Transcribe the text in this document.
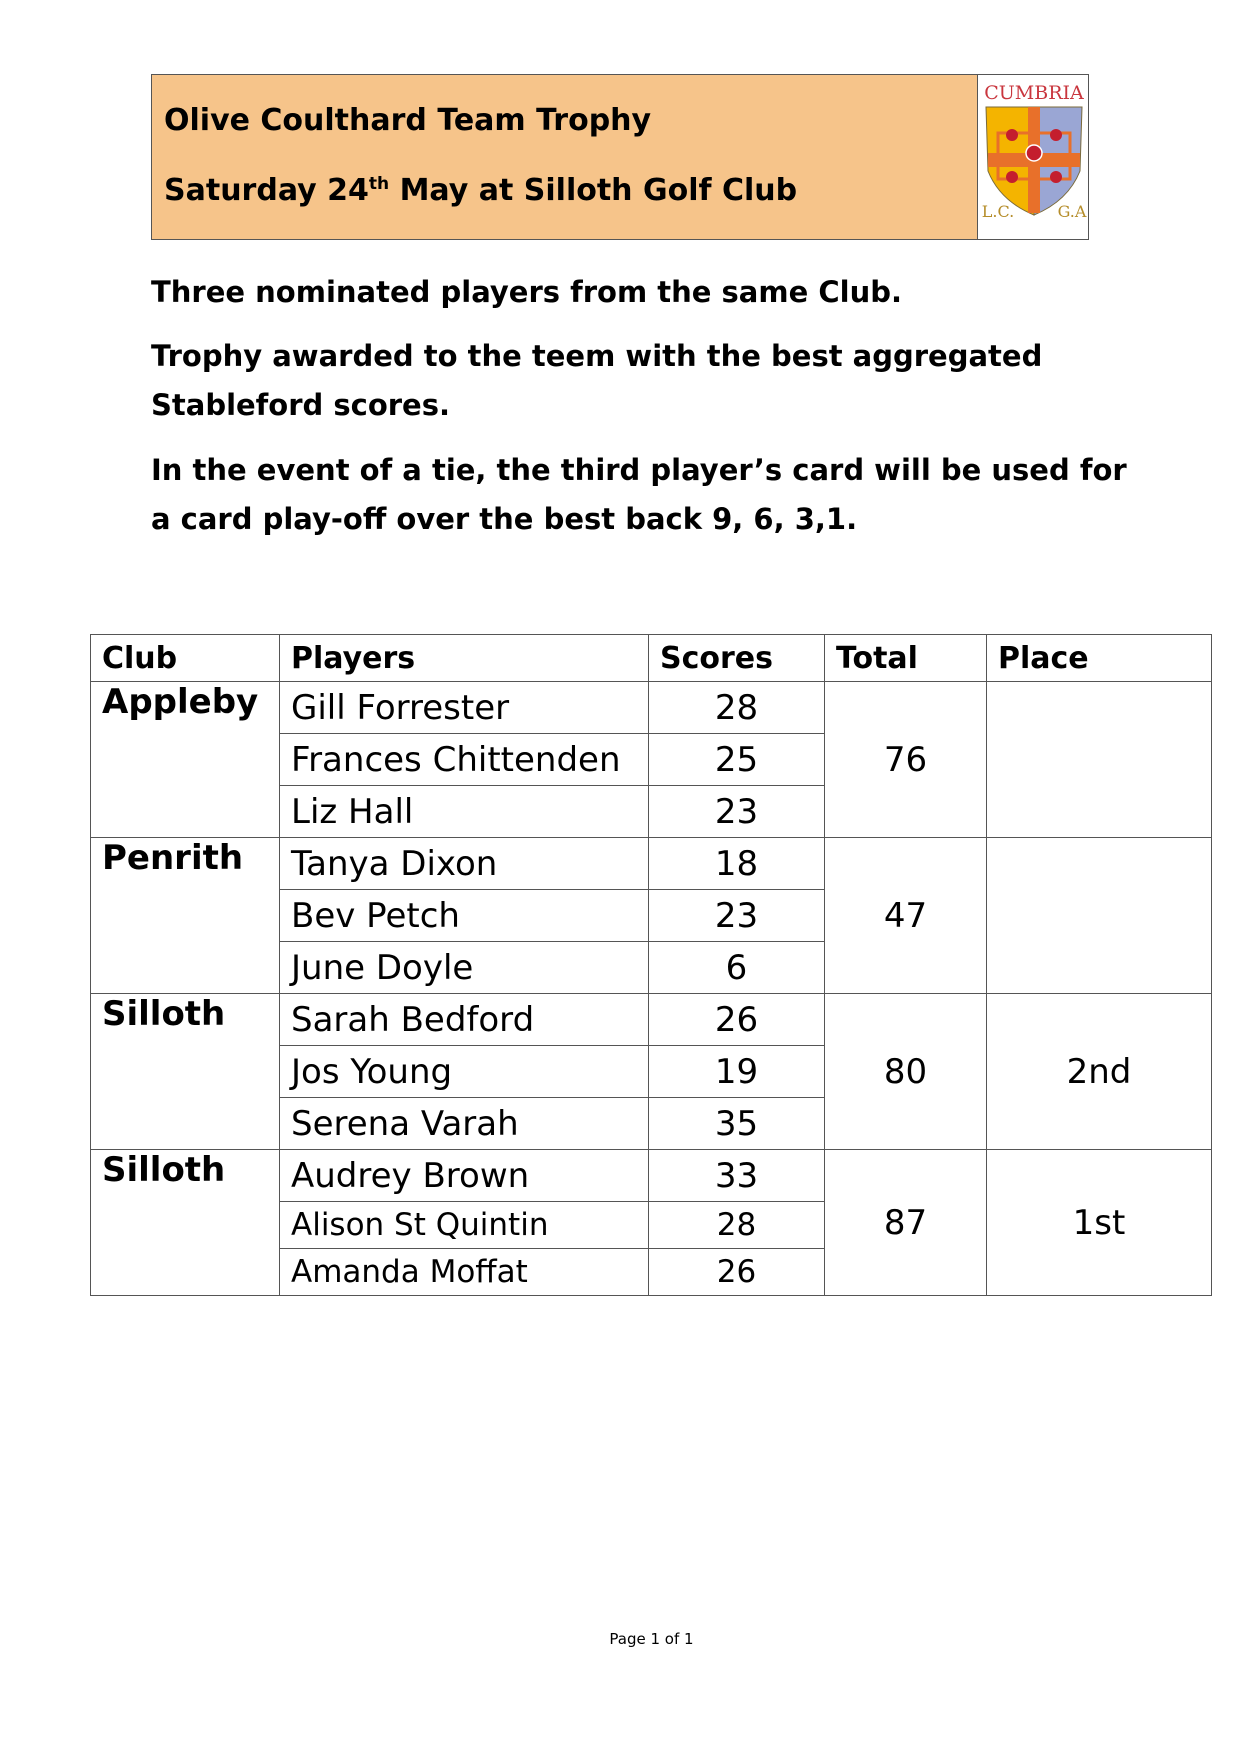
Olive Coulthard Team Trophy
Saturday 24th May at Silloth Golf Club
CUMBRIA
L.C.	G.A
Three nominated players from the same Club.
Trophy awarded to the teem with the best aggregated Stableford scores.
In the event of a tie, the third player’s card will be used for a card play-off over the best back 9, 6, 3,1.
Club	Players	Scores	Total	Place
Appleby	Gill Forrester	28	76	
	Frances Chittenden	25		
	Liz Hall	23		
Penrith	Tanya Dixon	18	47	
	Bev Petch	23		
	June Doyle	6		
Silloth	Sarah Bedford	26	80	2nd
	Jos Young	19		
	Serena Varah	35		
Silloth	Audrey Brown	33	87	1st
	Alison St Quintin	28		
	Amanda Moffat	26		
Page 1 of 1
